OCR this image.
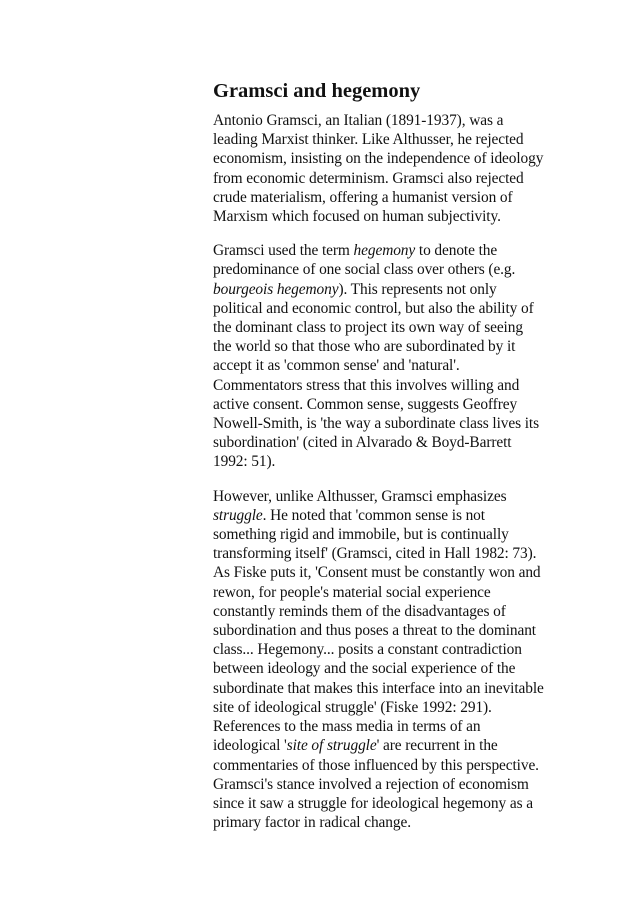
Gramsci and hegemony

Antonio Gramsci, an Italian (1891-1937), was a leading Marxist thinker. Like Althusser, he rejected economism, insisting on the independence of ideology from economic determinism. Gramsci also rejected crude materialism, offering a humanist version of Marxism which focused on human subjectivity.

Gramsci used the term hegemony to denote the predominance of one social class over others (e.g. bourgeois hegemony). This represents not only political and economic control, but also the ability of the dominant class to project its own way of seeing the world so that those who are subordinated by it accept it as 'common sense' and 'natural'. Commentators stress that this involves willing and active consent. Common sense, suggests Geoffrey Nowell-Smith, is 'the way a subordinate class lives its subordination' (cited in Alvarado & Boyd-Barrett 1992: 51).

However, unlike Althusser, Gramsci emphasizes struggle. He noted that 'common sense is not something rigid and immobile, but is continually transforming itself' (Gramsci, cited in Hall 1982: 73). As Fiske puts it, 'Consent must be constantly won and rewon, for people's material social experience constantly reminds them of the disadvantages of subordination and thus poses a threat to the dominant class... Hegemony... posits a constant contradiction between ideology and the social experience of the subordinate that makes this interface into an inevitable site of ideological struggle' (Fiske 1992: 291). References to the mass media in terms of an ideological 'site of struggle' are recurrent in the commentaries of those influenced by this perspective. Gramsci's stance involved a rejection of economism since it saw a struggle for ideological hegemony as a primary factor in radical change.
